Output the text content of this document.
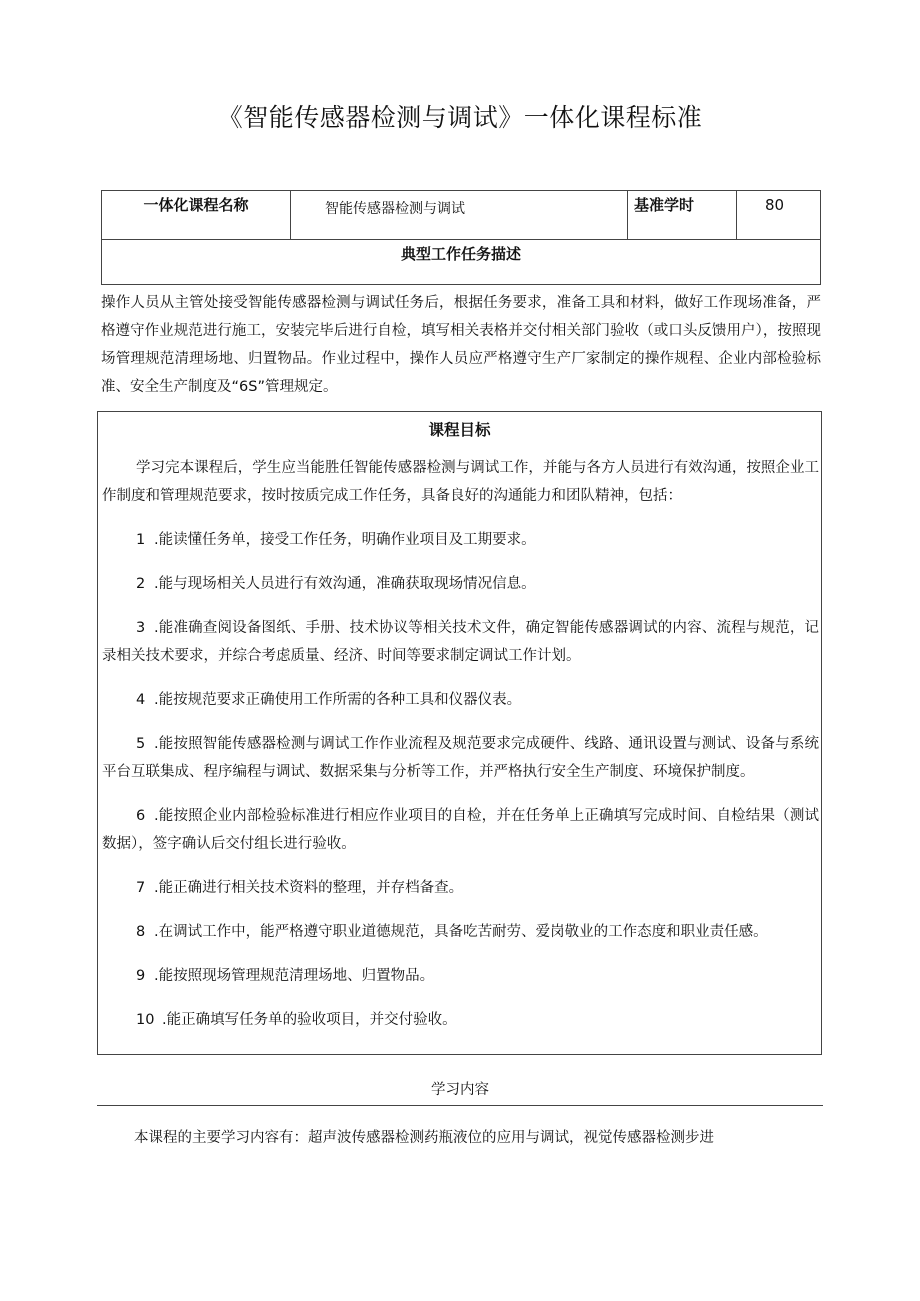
《智能传感器检测与调试》一体化课程标准
一体化课程名称	智能传感器检测与调试	基准学时	80
典型工作任务描述

操作人员从主管处接受智能传感器检测与调试任务后，根据任务要求，准备工具和材料，做好工作现场准备，严格遵守作业规范进行施工，安装完毕后进行自检，填写相关表格并交付相关部门验收（或口头反馈用户），按照现场管理规范清理场地、归置物品。作业过程中，操作人员应严格遵守生产厂家制定的操作规程、企业内部检验标准、安全生产制度及“6S”管理规定。

课程目标

学习完本课程后，学生应当能胜任智能传感器检测与调试工作，并能与各方人员进行有效沟通，按照企业工作制度和管理规范要求，按时按质完成工作任务，具备良好的沟通能力和团队精神，包括：

1 .能读懂任务单，接受工作任务，明确作业项目及工期要求。

2 .能与现场相关人员进行有效沟通，准确获取现场情况信息。

3 .能准确查阅设备图纸、手册、技术协议等相关技术文件，确定智能传感器调试的内容、流程与规范，记录相关技术要求，并综合考虑质量、经济、时间等要求制定调试工作计划。

4 .能按规范要求正确使用工作所需的各种工具和仪器仪表。

5 .能按照智能传感器检测与调试工作作业流程及规范要求完成硬件、线路、通讯设置与测试、设备与系统平台互联集成、程序编程与调试、数据采集与分析等工作，并严格执行安全生产制度、环境保护制度。

6 .能按照企业内部检验标准进行相应作业项目的自检，并在任务单上正确填写完成时间、自检结果（测试数据），签字确认后交付组长进行验收。

7 .能正确进行相关技术资料的整理，并存档备查。

8 .在调试工作中，能严格遵守职业道德规范，具备吃苦耐劳、爱岗敬业的工作态度和职业责任感。

9 .能按照现场管理规范清理场地、归置物品。

10 .能正确填写任务单的验收项目，并交付验收。

学习内容
本课程的主要学习内容有：超声波传感器检测药瓶液位的应用与调试，视觉传感器检测步进
